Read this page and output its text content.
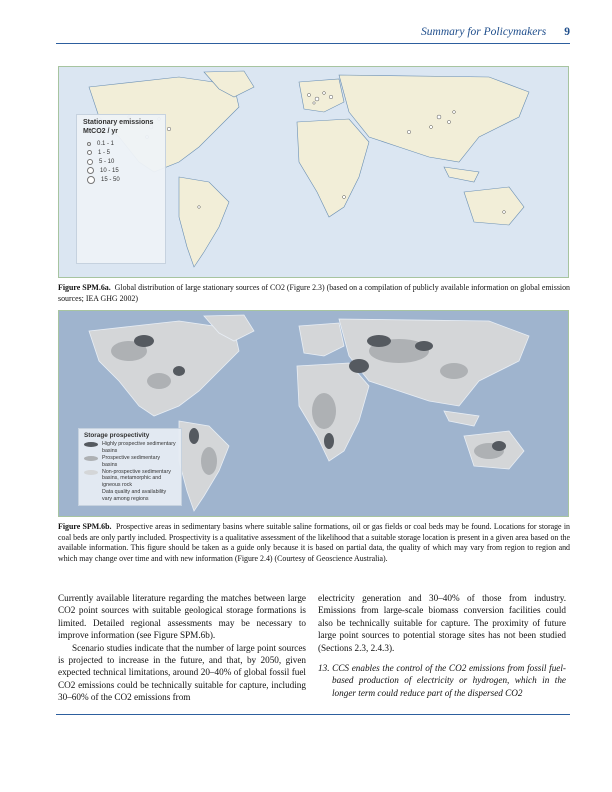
Summary for Policymakers 9
Stationary emissions
MtCO2 / yr
0.1 - 1
1 - 5
5 - 10
10 - 15
15 - 50
Figure SPM.6a. Global distribution of large stationary sources of CO2 (Figure 2.3) (based on a compilation of publicly available information on global emission sources; IEA GHG 2002)
Storage prospectivity
Highly prospective sedimentary basins
Prospective sedimentary basins
Non-prospective sedimentary basins, metamorphic and igneous rock
Data quality and availability vary among regions
Figure SPM.6b. Prospective areas in sedimentary basins where suitable saline formations, oil or gas fields or coal beds may be found. Locations for storage in coal beds are only partly included. Prospectivity is a qualitative assessment of the likelihood that a suitable storage location is present in a given area based on the available information. This figure should be taken as a guide only because it is based on partial data, the quality of which may vary from region to region and which may change over time and with new information (Figure 2.4) (Courtesy of Geoscience Australia).

Currently available literature regarding the matches between large CO2 point sources with suitable geological storage formations is limited. Detailed regional assessments may be necessary to improve information (see Figure SPM.6b).

Scenario studies indicate that the number of large point sources is projected to increase in the future, and that, by 2050, given expected technical limitations, around 20–40% of global fossil fuel CO2 emissions could be technically suitable for capture, including 30–60% of the CO2 emissions from

electricity generation and 30–40% of those from industry. Emissions from large-scale biomass conversion facilities could also be technically suitable for capture. The proximity of future large point sources to potential storage sites has not been studied (Sections 2.3, 2.4.3).

13. CCS enables the control of the CO2 emissions from fossil fuel-based production of electricity or hydrogen, which in the longer term could reduce part of the dispersed CO2
